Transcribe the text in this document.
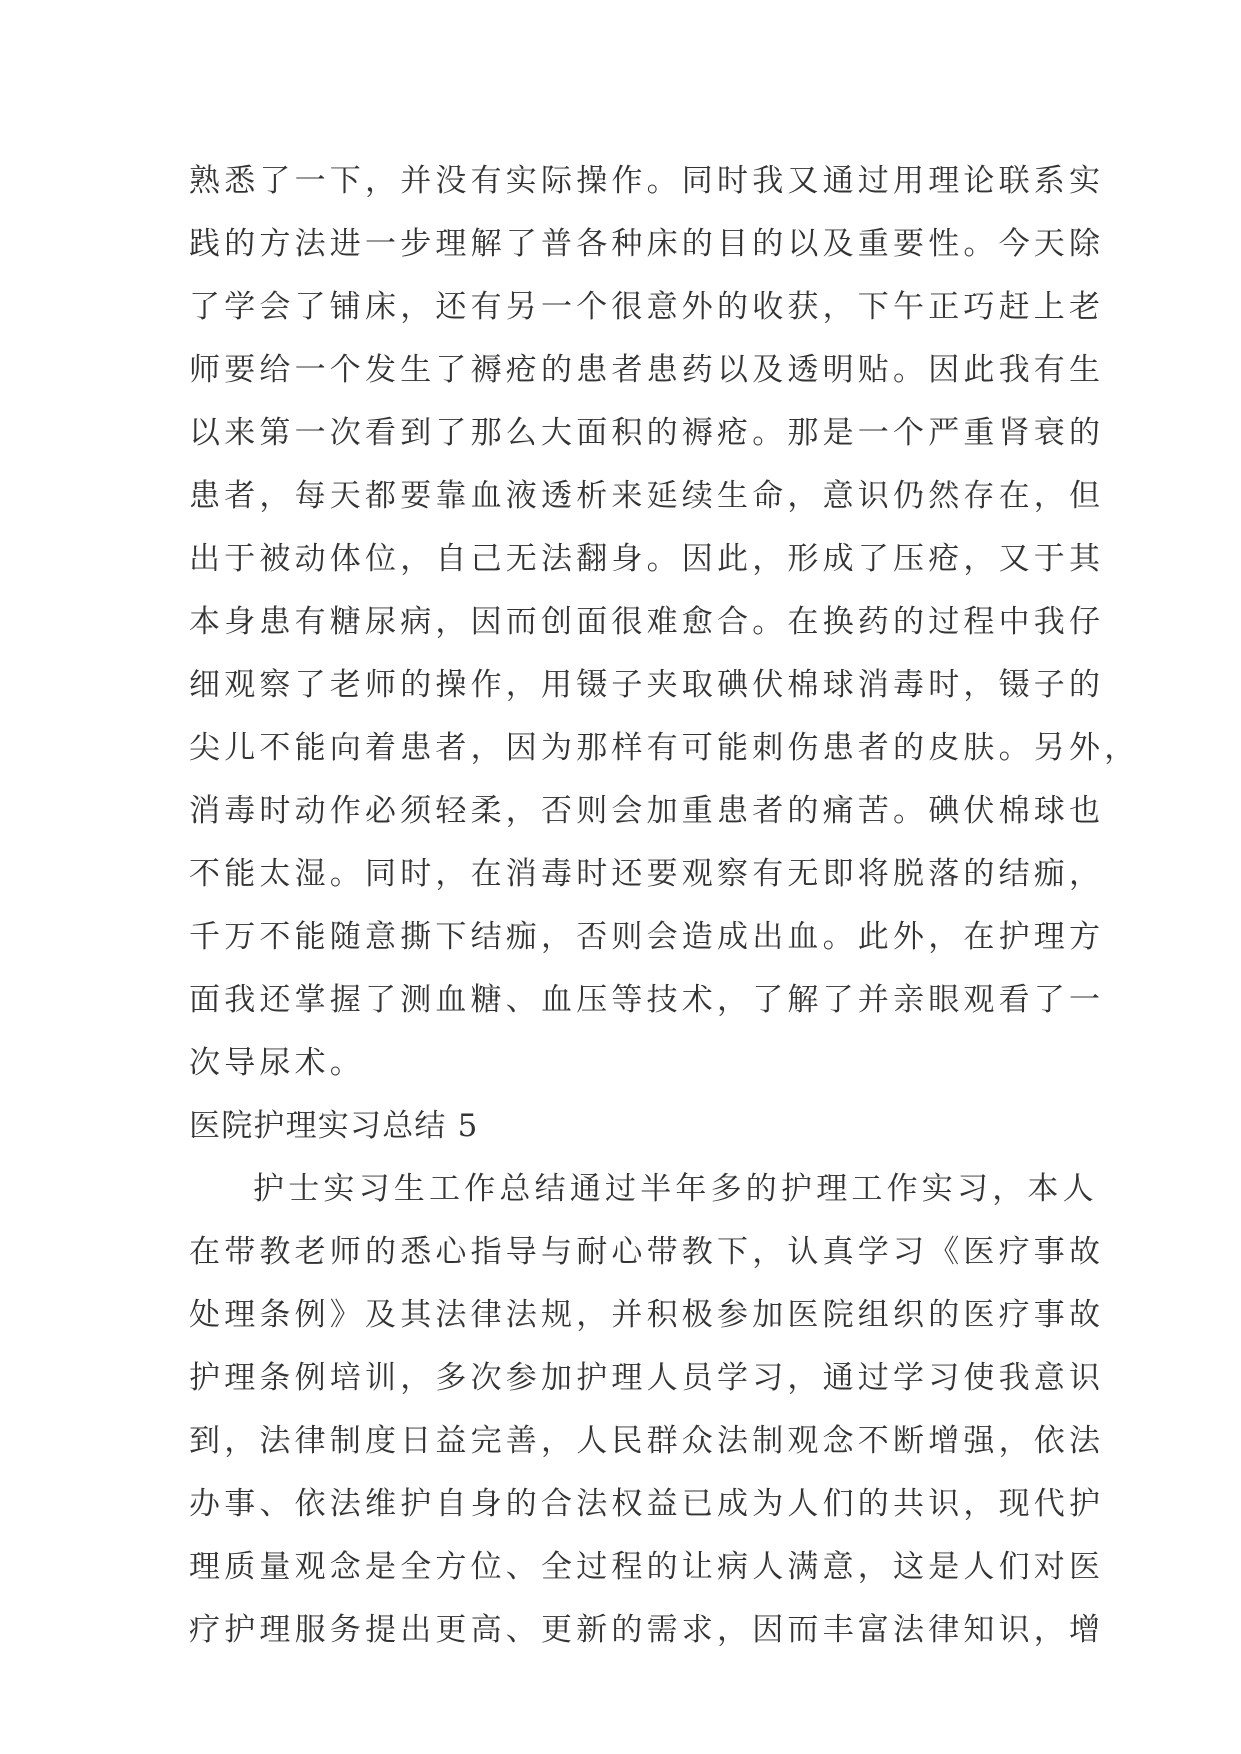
熟悉了一下，并没有实际操作。同时我又通过用理论联系实
践的方法进一步理解了普各种床的目的以及重要性。今天除
了学会了铺床，还有另一个很意外的收获，下午正巧赶上老
师要给一个发生了褥疮的患者患药以及透明贴。因此我有生
以来第一次看到了那么大面积的褥疮。那是一个严重肾衰的
患者，每天都要靠血液透析来延续生命，意识仍然存在，但
出于被动体位，自己无法翻身。因此，形成了压疮，又于其
本身患有糖尿病，因而创面很难愈合。在换药的过程中我仔
细观察了老师的操作，用镊子夹取碘伏棉球消毒时，镊子的
尖儿不能向着患者，因为那样有可能刺伤患者的皮肤。另外，
消毒时动作必须轻柔，否则会加重患者的痛苦。碘伏棉球也
不能太湿。同时，在消毒时还要观察有无即将脱落的结痂，
千万不能随意撕下结痂，否则会造成出血。此外，在护理方
面我还掌握了测血糖、血压等技术，了解了并亲眼观看了一
次导尿术。
医院护理实习总结 5
护士实习生工作总结通过半年多的护理工作实习，本人
在带教老师的悉心指导与耐心带教下，认真学习《医疗事故
处理条例》及其法律法规，并积极参加医院组织的医疗事故
护理条例培训，多次参加护理人员学习，通过学习使我意识
到，法律制度日益完善，人民群众法制观念不断增强，依法
办事、依法维护自身的合法权益已成为人们的共识，现代护
理质量观念是全方位、全过程的让病人满意，这是人们对医
疗护理服务提出更高、更新的需求，因而丰富法律知识，增
